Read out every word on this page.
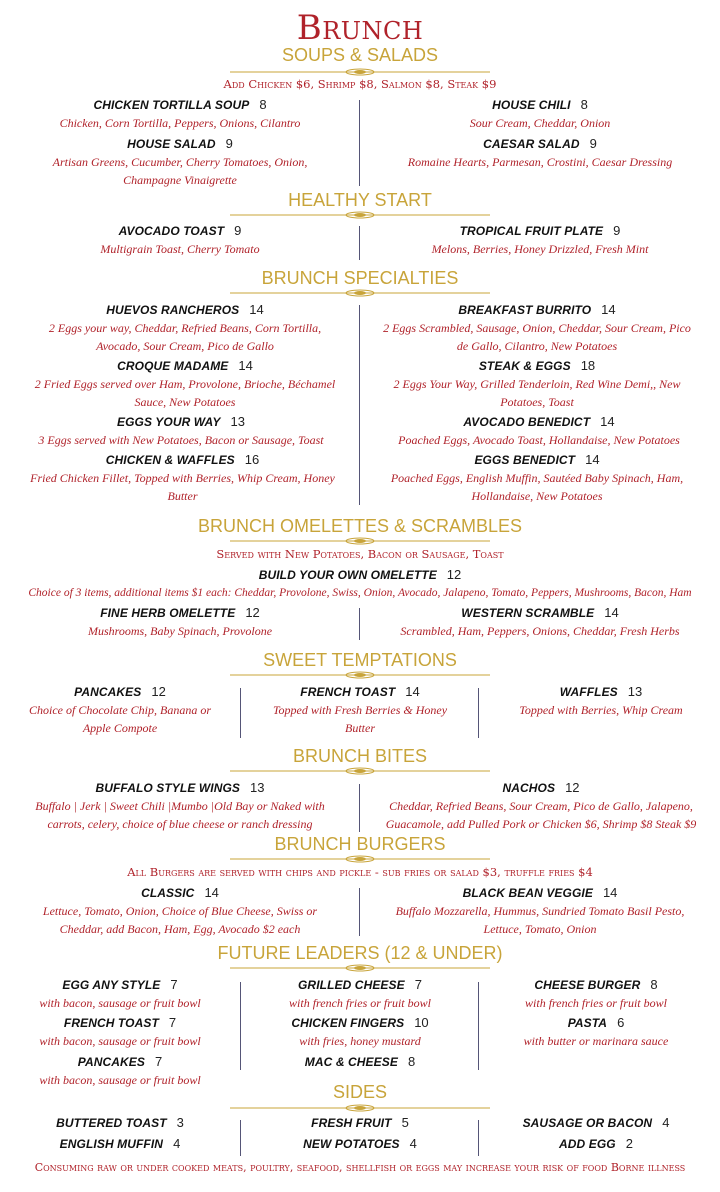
Brunch
SOUPS & SALADS
Add Chicken $6, Shrimp $8, Salmon $8, Steak $9
CHICKEN TORTILLA SOUP 8
Chicken, Corn Tortilla, Peppers, Onions, Cilantro
HOUSE CHILI 8
Sour Cream, Cheddar, Onion
HOUSE SALAD 9
Artisan Greens, Cucumber, Cherry Tomatoes, Onion, Champagne Vinaigrette
CAESAR SALAD 9
Romaine Hearts, Parmesan, Crostini, Caesar Dressing
HEALTHY START
AVOCADO TOAST 9
Multigrain Toast, Cherry Tomato
TROPICAL FRUIT PLATE 9
Melons, Berries, Honey Drizzled, Fresh Mint
BRUNCH SPECIALTIES
HUEVOS RANCHEROS 14
2 Eggs your way, Cheddar, Refried Beans, Corn Tortilla, Avocado, Sour Cream, Pico de Gallo
BREAKFAST BURRITO 14
2 Eggs Scrambled, Sausage, Onion, Cheddar, Sour Cream, Pico de Gallo, Cilantro, New Potatoes
CROQUE MADAME 14
2 Fried Eggs served over Ham, Provolone, Brioche, Béchamel Sauce, New Potatoes
STEAK & EGGS 18
2 Eggs Your Way, Grilled Tenderloin, Red Wine Demi,, New Potatoes, Toast
EGGS YOUR WAY 13
3 Eggs served with New Potatoes, Bacon or Sausage, Toast
AVOCADO BENEDICT 14
Poached Eggs, Avocado Toast, Hollandaise, New Potatoes
CHICKEN & WAFFLES 16
Fried Chicken Fillet, Topped with Berries, Whip Cream, Honey Butter
EGGS BENEDICT 14
Poached Eggs, English Muffin, Sautéed Baby Spinach, Ham, Hollandaise, New Potatoes
BRUNCH OMELETTES & SCRAMBLES
Served with New Potatoes, Bacon or Sausage, Toast
BUILD YOUR OWN OMELETTE 12
Choice of 3 items, additional items $1 each: Cheddar, Provolone, Swiss, Onion, Avocado, Jalapeno, Tomato, Peppers, Mushrooms, Bacon, Ham
FINE HERB OMELETTE 12
Mushrooms, Baby Spinach, Provolone
WESTERN SCRAMBLE 14
Scrambled, Ham, Peppers, Onions, Cheddar, Fresh Herbs
SWEET TEMPTATIONS
PANCAKES 12
Choice of Chocolate Chip, Banana or Apple Compote
FRENCH TOAST 14
Topped with Fresh Berries & Honey Butter
WAFFLES 13
Topped with Berries, Whip Cream
BRUNCH BITES
BUFFALO STYLE WINGS 13
Buffalo | Jerk | Sweet Chili |Mumbo |Old Bay or Naked with carrots, celery, choice of blue cheese or ranch dressing
NACHOS 12
Cheddar, Refried Beans, Sour Cream, Pico de Gallo, Jalapeno, Guacamole, add Pulled Pork or Chicken $6, Shrimp $8 Steak $9
BRUNCH BURGERS
All Burgers are served with chips and pickle - sub fries or salad $3, truffle fries $4
CLASSIC 14
Lettuce, Tomato, Onion, Choice of Blue Cheese, Swiss or Cheddar, add Bacon, Ham, Egg, Avocado $2 each
BLACK BEAN VEGGIE 14
Buffalo Mozzarella, Hummus, Sundried Tomato Basil Pesto, Lettuce, Tomato, Onion
FUTURE LEADERS (12 & UNDER)
EGG ANY STYLE 7
with bacon, sausage or fruit bowl
GRILLED CHEESE 7
with french fries or fruit bowl
CHEESE BURGER 8
with french fries or fruit bowl
FRENCH TOAST 7
with bacon, sausage or fruit bowl
CHICKEN FINGERS 10
with fries, honey mustard
PASTA 6
with butter or marinara sauce
PANCAKES 7
with bacon, sausage or fruit bowl
MAC & CHEESE 8
SIDES
BUTTERED TOAST 3	FRESH FRUIT 5	SAUSAGE OR BACON 4
ENGLISH MUFFIN 4	NEW POTATOES 4	ADD EGG 2
Consuming raw or under cooked meats, poultry, seafood, shellfish or eggs may increase your risk of food Borne illness
